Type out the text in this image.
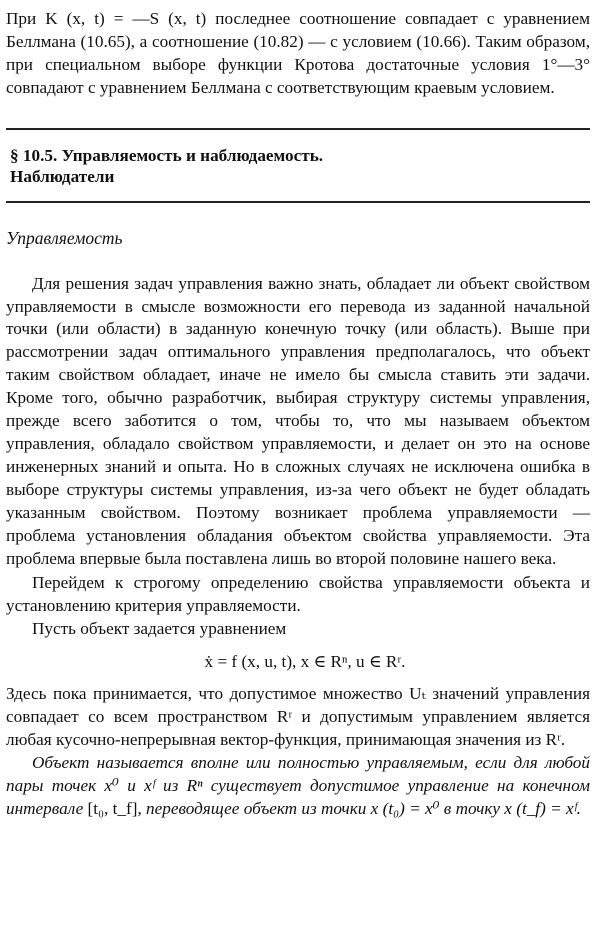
При K (x, t) = —S (x, t) последнее соотношение совпадает с уравнением Беллмана (10.65), а соотношение (10.82) — с условием (10.66). Таким образом, при специальном выборе функции Кротова достаточные условия 1°—3° совпадают с уравнением Беллмана с соответствующим краевым условием.

§ 10.5. Управляемость и наблюдаемость.
Наблюдатели
Управляемость

Для решения задач управления важно знать, обладает ли объект свойством управляемости в смысле возможности его перевода из заданной начальной точки (или области) в заданную конечную точку (или область). Выше при рассмотрении задач оптимального управления предполагалось, что объект таким свойством обладает, иначе не имело бы смысла ставить эти задачи. Кроме того, обычно разработчик, выбирая структуру системы управления, прежде всего заботится о том, чтобы то, что мы называем объектом управления, обладало свойством управляемости, и делает он это на основе инженерных знаний и опыта. Но в сложных случаях не исключена ошибка в выборе структуры системы управления, из-за чего объект не будет обладать указанным свойством. Поэтому возникает проблема управляемости — проблема установления обладания объектом свойства управляемости. Эта проблема впервые была поставлена лишь во второй половине нашего века.

Перейдем к строгому определению свойства управляемости объекта и установлению критерия управляемости.

Пусть объект задается уравнением

ẋ = f (x, u, t), x ∈ Rⁿ, u ∈ Rʳ.

Здесь пока принимается, что допустимое множество Uₜ значений управления совпадает со всем пространством Rʳ и допустимым управлением является любая кусочно-непрерывная вектор-функция, принимающая значения из Rʳ.

Объект называется вполне или полностью управляемым, если для любой пары точек x⁰ и xᶠ из Rⁿ существует допустимое управление на конечном интервале [t₀, t_f], переводящее объект из точки x (t₀) = x⁰ в точку x (t_f) = xᶠ.
